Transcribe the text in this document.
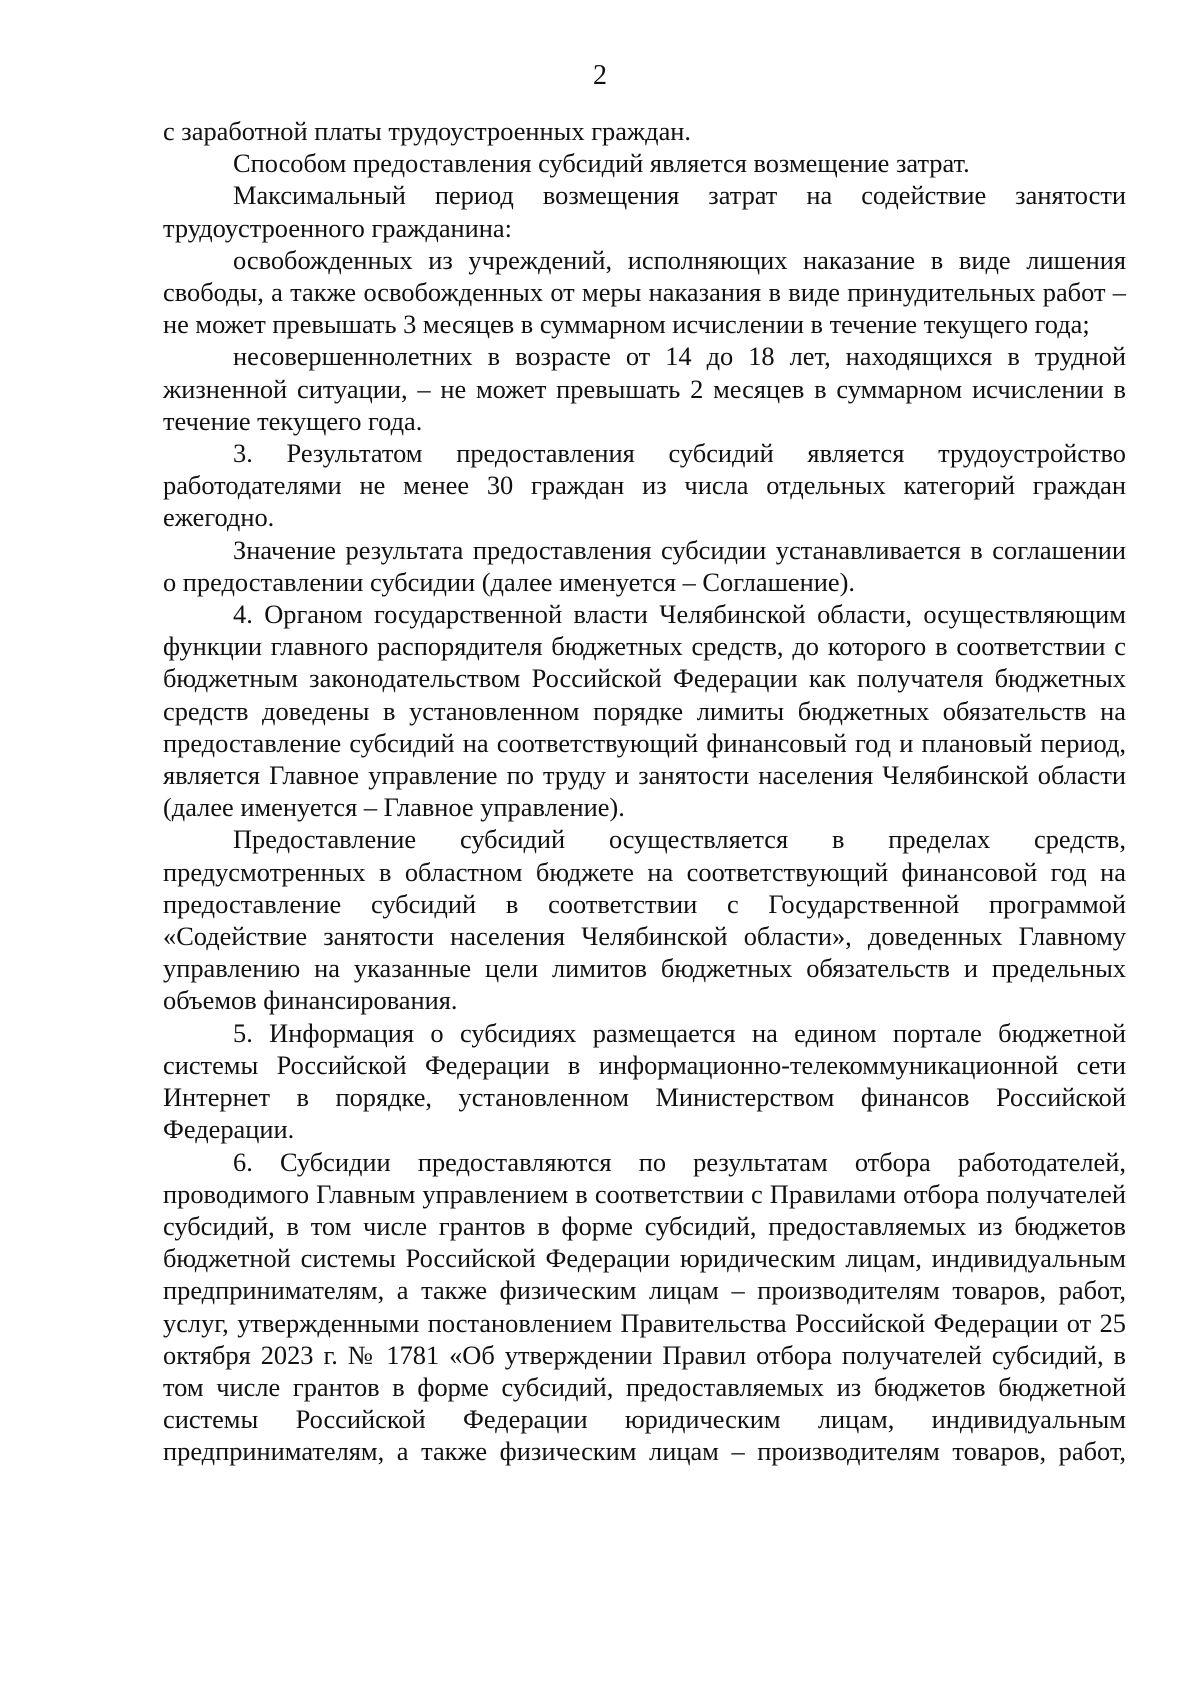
2

с заработной платы трудоустроенных граждан.

Способом предоставления субсидий является возмещение затрат.

Максимальный период возмещения затрат на содействие занятости трудоустроенного гражданина:

освобожденных из учреждений, исполняющих наказание в виде лишения свободы, а также освобожденных от меры наказания в виде принудительных работ – не может превышать 3 месяцев в суммарном исчислении в течение текущего года;

несовершеннолетних в возрасте от 14 до 18 лет, находящихся в трудной жизненной ситуации, – не может превышать 2 месяцев в суммарном исчислении в течение текущего года.

3. Результатом предоставления субсидий является трудоустройство работодателями не менее 30 граждан из числа отдельных категорий граждан ежегодно.

Значение результата предоставления субсидии устанавливается в соглашении о предоставлении субсидии (далее именуется – Соглашение).

4. Органом государственной власти Челябинской области, осуществляющим функции главного распорядителя бюджетных средств, до которого в соответствии с бюджетным законодательством Российской Федерации как получателя бюджетных средств доведены в установленном порядке лимиты бюджетных обязательств на предоставление субсидий на соответствующий финансовый год и плановый период, является Главное управление по труду и занятости населения Челябинской области (далее именуется – Главное управление).

Предоставление субсидий осуществляется в пределах средств, предусмотренных в областном бюджете на соответствующий финансовой год на предоставление субсидий в соответствии с Государственной программой «Содействие занятости населения Челябинской области», доведенных Главному управлению на указанные цели лимитов бюджетных обязательств и предельных объемов финансирования.

5. Информация о субсидиях размещается на едином портале бюджетной системы Российской Федерации в информационно-телекоммуникационной сети Интернет в порядке, установленном Министерством финансов Российской Федерации.

6. Субсидии предоставляются по результатам отбора работодателей, проводимого Главным управлением в соответствии с Правилами отбора получателей субсидий, в том числе грантов в форме субсидий, предоставляемых из бюджетов бюджетной системы Российской Федерации юридическим лицам, индивидуальным предпринимателям, а также физическим лицам – производителям товаров, работ, услуг, утвержденными постановлением Правительства Российской Федерации от 25 октября 2023 г. № 1781 «Об утверждении Правил отбора получателей субсидий, в том числе грантов в форме субсидий, предоставляемых из бюджетов бюджетной системы Российской Федерации юридическим лицам, индивидуальным предпринимателям, а также физическим лицам – производителям товаров, работ,
